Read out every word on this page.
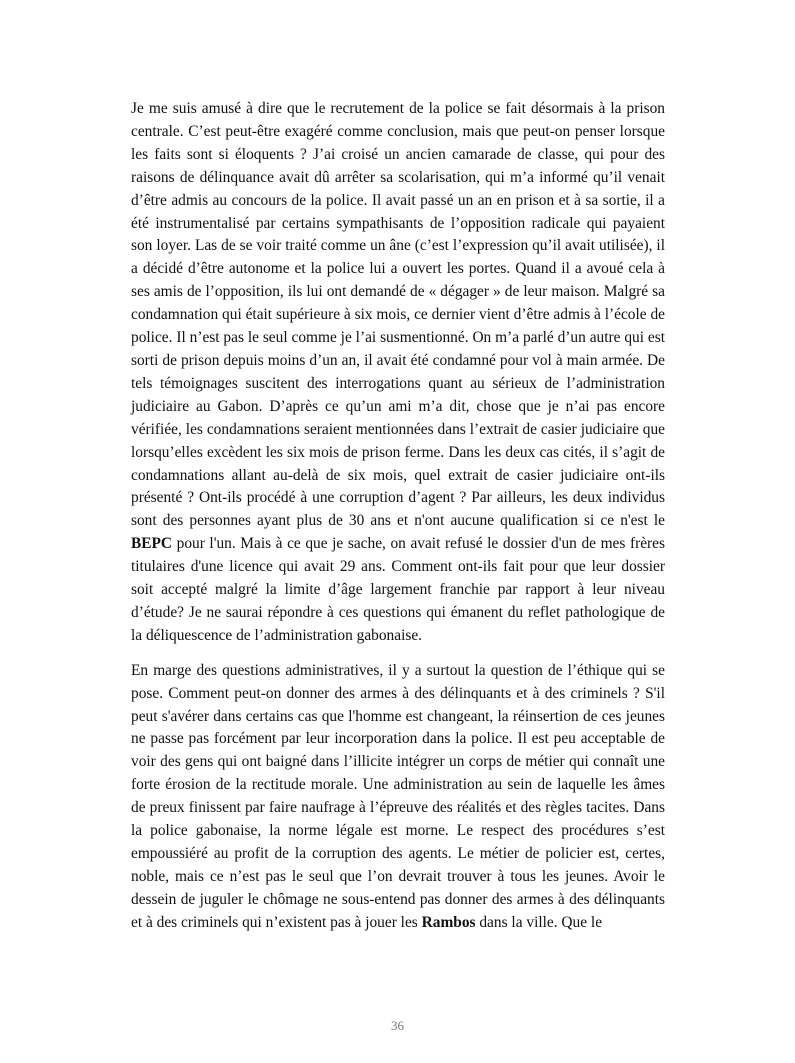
Je me suis amusé à dire que le recrutement de la police se fait désormais à la prison centrale. C’est peut-être exagéré comme conclusion, mais que peut-on penser lorsque les faits sont si éloquents ? J’ai croisé un ancien camarade de classe, qui pour des raisons de délinquance avait dû arrêter sa scolarisation, qui m’a informé qu’il venait d’être admis au concours de la police. Il avait passé un an en prison et à sa sortie, il a été instrumentalisé par certains sympathisants de l’opposition radicale qui payaient son loyer. Las de se voir traité comme un âne (c’est l’expression qu’il avait utilisée), il a décidé d’être autonome et la police lui a ouvert les portes. Quand il a avoué cela à ses amis de l’opposition, ils lui ont demandé de « dégager » de leur maison. Malgré sa condamnation qui était supérieure à six mois, ce dernier vient d’être admis à l’école de police. Il n’est pas le seul comme je l’ai susmentionné. On m’a parlé d’un autre qui est sorti de prison depuis moins d’un an, il avait été condamné pour vol à main armée. De tels témoignages suscitent des interrogations quant au sérieux de l’administration judiciaire au Gabon. D’après ce qu’un ami m’a dit, chose que je n’ai pas encore vérifiée, les condamnations seraient mentionnées dans l’extrait de casier judiciaire que lorsqu’elles excèdent les six mois de prison ferme. Dans les deux cas cités, il s’agit de condamnations allant au-delà de six mois, quel extrait de casier judiciaire ont-ils présenté ? Ont-ils procédé à une corruption d’agent ? Par ailleurs, les deux individus sont des personnes ayant plus de 30 ans et n'ont aucune qualification si ce n'est le BEPC pour l'un. Mais à ce que je sache, on avait refusé le dossier d'un de mes frères titulaires d'une licence qui avait 29 ans. Comment ont-ils fait pour que leur dossier soit accepté malgré la limite d’âge largement franchie par rapport à leur niveau d’étude? Je ne saurai répondre à ces questions qui émanent du reflet pathologique de la déliquescence de l’administration gabonaise.

En marge des questions administratives, il y a surtout la question de l’éthique qui se pose. Comment peut-on donner des armes à des délinquants et à des criminels ? S'il peut s'avérer dans certains cas que l'homme est changeant, la réinsertion de ces jeunes ne passe pas forcément par leur incorporation dans la police. Il est peu acceptable de voir des gens qui ont baigné dans l’illicite intégrer un corps de métier qui connaît une forte érosion de la rectitude morale. Une administration au sein de laquelle les âmes de preux finissent par faire naufrage à l’épreuve des réalités et des règles tacites. Dans la police gabonaise, la norme légale est morne. Le respect des procédures s’est empoussiéré au profit de la corruption des agents. Le métier de policier est, certes, noble, mais ce n’est pas le seul que l’on devrait trouver à tous les jeunes. Avoir le dessein de juguler le chômage ne sous-entend pas donner des armes à des délinquants et à des criminels qui n’existent pas à jouer les Rambos dans la ville. Que le

36
